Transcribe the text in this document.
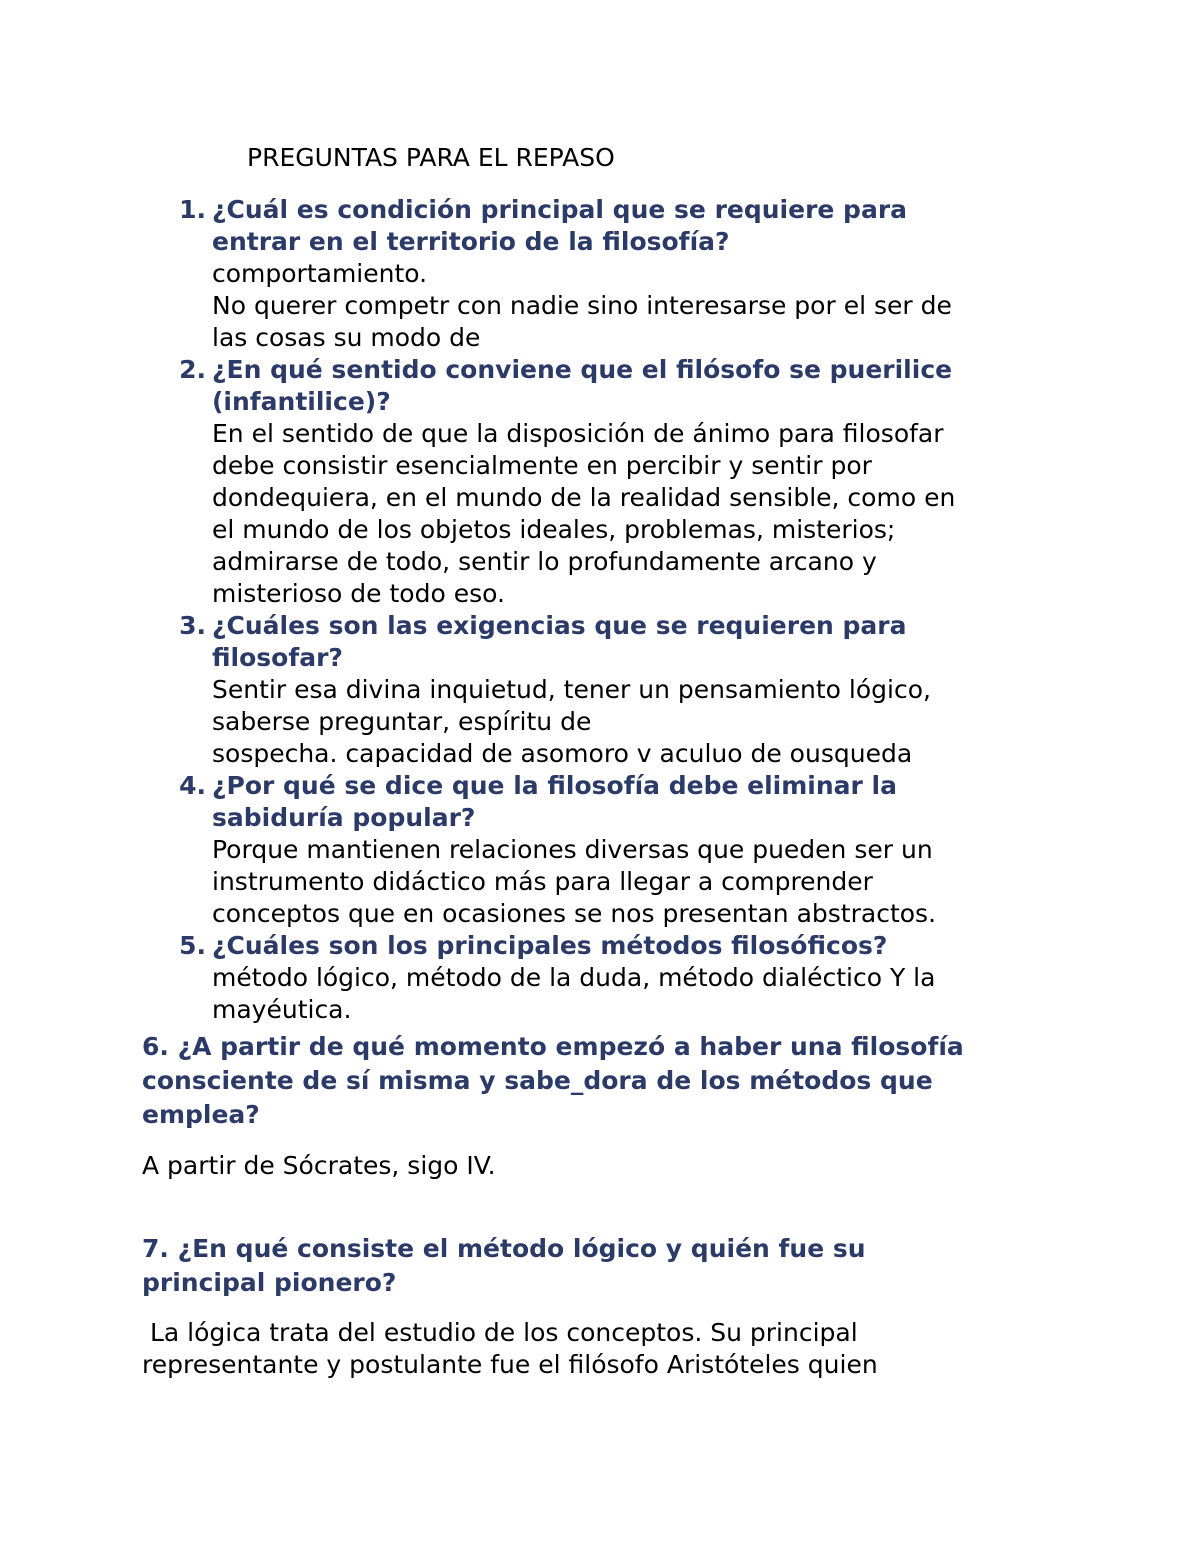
PREGUNTAS PARA EL REPASO
1. ¿Cuál es condición principal que se requiere para

entrar en el territorio de la filosofía?

comportamiento.

No querer competr con nadie sino interesarse por el ser de

las cosas su modo de

2. ¿En qué sentido conviene que el filósofo se puerilice

(infantilice)?

En el sentido de que la disposición de ánimo para filosofar

debe consistir esencialmente en percibir y sentir por

dondequiera, en el mundo de la realidad sensible, como en

el mundo de los objetos ideales, problemas, misterios;

admirarse de todo, sentir lo profundamente arcano y

misterioso de todo eso.

3. ¿Cuáles son las exigencias que se requieren para

filosofar?

Sentir esa divina inquietud, tener un pensamiento lógico,

saberse preguntar, espíritu de

sospecha. capacidad de asomoro v aculuo de ousqueda

4. ¿Por qué se dice que la filosofía debe eliminar la

sabiduría popular?

Porque mantienen relaciones diversas que pueden ser un

instrumento didáctico más para llegar a comprender

conceptos que en ocasiones se nos presentan abstractos.

5. ¿Cuáles son los principales métodos filosóficos?

método lógico, método de la duda, método dialéctico Y la

mayéutica.

6. ¿A partir de qué momento empezó a haber una filosofía

consciente de sí misma y sabe_dora de los métodos que

emplea?

A partir de Sócrates, sigo IV.

7. ¿En qué consiste el método lógico y quién fue su

principal pionero?

La lógica trata del estudio de los conceptos. Su principal

representante y postulante fue el filósofo Aristóteles quien
